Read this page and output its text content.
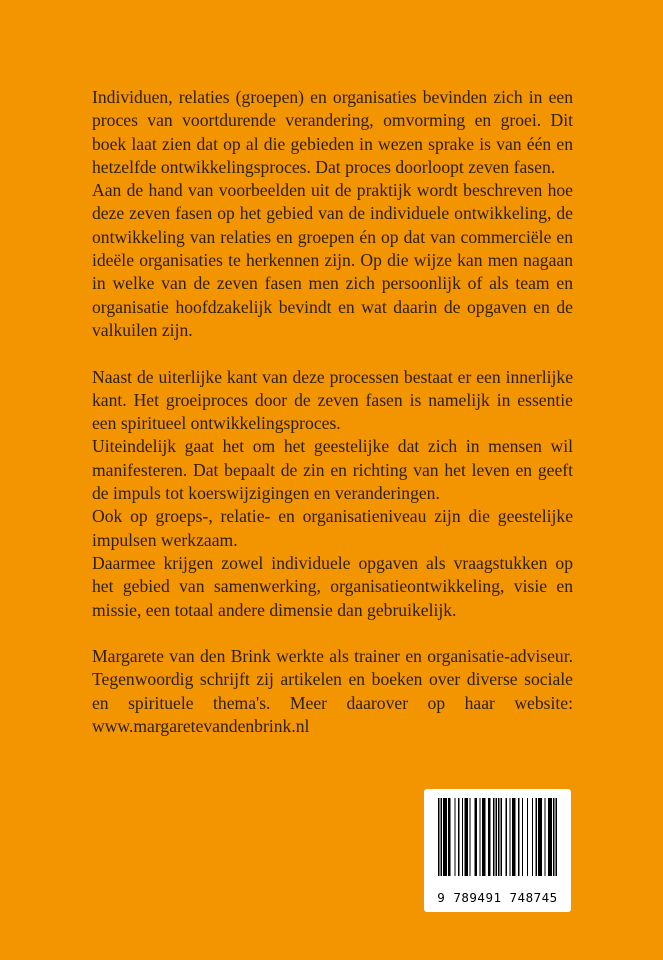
Individuen, relaties (groepen) en organisaties bevinden zich in een proces van voortdurende verandering, omvorming en groei. Dit boek laat zien dat op al die gebieden in wezen sprake is van één en hetzelfde ontwikkelingsproces. Dat proces doorloopt zeven fasen.

Aan de hand van voorbeelden uit de praktijk wordt beschreven hoe deze zeven fasen op het gebied van de individuele ontwikkeling, de ontwikkeling van relaties en groepen én op dat van commerciële en ideële organisaties te herkennen zijn. Op die wijze kan men nagaan in welke van de zeven fasen men zich persoonlijk of als team en organisatie hoofdzakelijk bevindt en wat daarin de opgaven en de valkuilen zijn.

Naast de uiterlijke kant van deze processen bestaat er een innerlijke kant. Het groeiproces door de zeven fasen is namelijk in essentie een spiritueel ontwikkelingsproces.

Uiteindelijk gaat het om het geestelijke dat zich in mensen wil manifesteren. Dat bepaalt de zin en richting van het leven en geeft de impuls tot koerswijzigingen en veranderingen.

Ook op groeps-, relatie- en organisatieniveau zijn die geestelijke impulsen werkzaam.

Daarmee krijgen zowel individuele opgaven als vraagstukken op het gebied van samenwerking, organisatieontwikkeling, visie en missie, een totaal andere dimensie dan gebruikelijk.

Margarete van den Brink werkte als trainer en organisatie-adviseur. Tegenwoordig schrijft zij artikelen en boeken over diverse sociale en spirituele thema's. Meer daarover op haar website: www.margaretevandenbrink.nl

9 789491 748745
